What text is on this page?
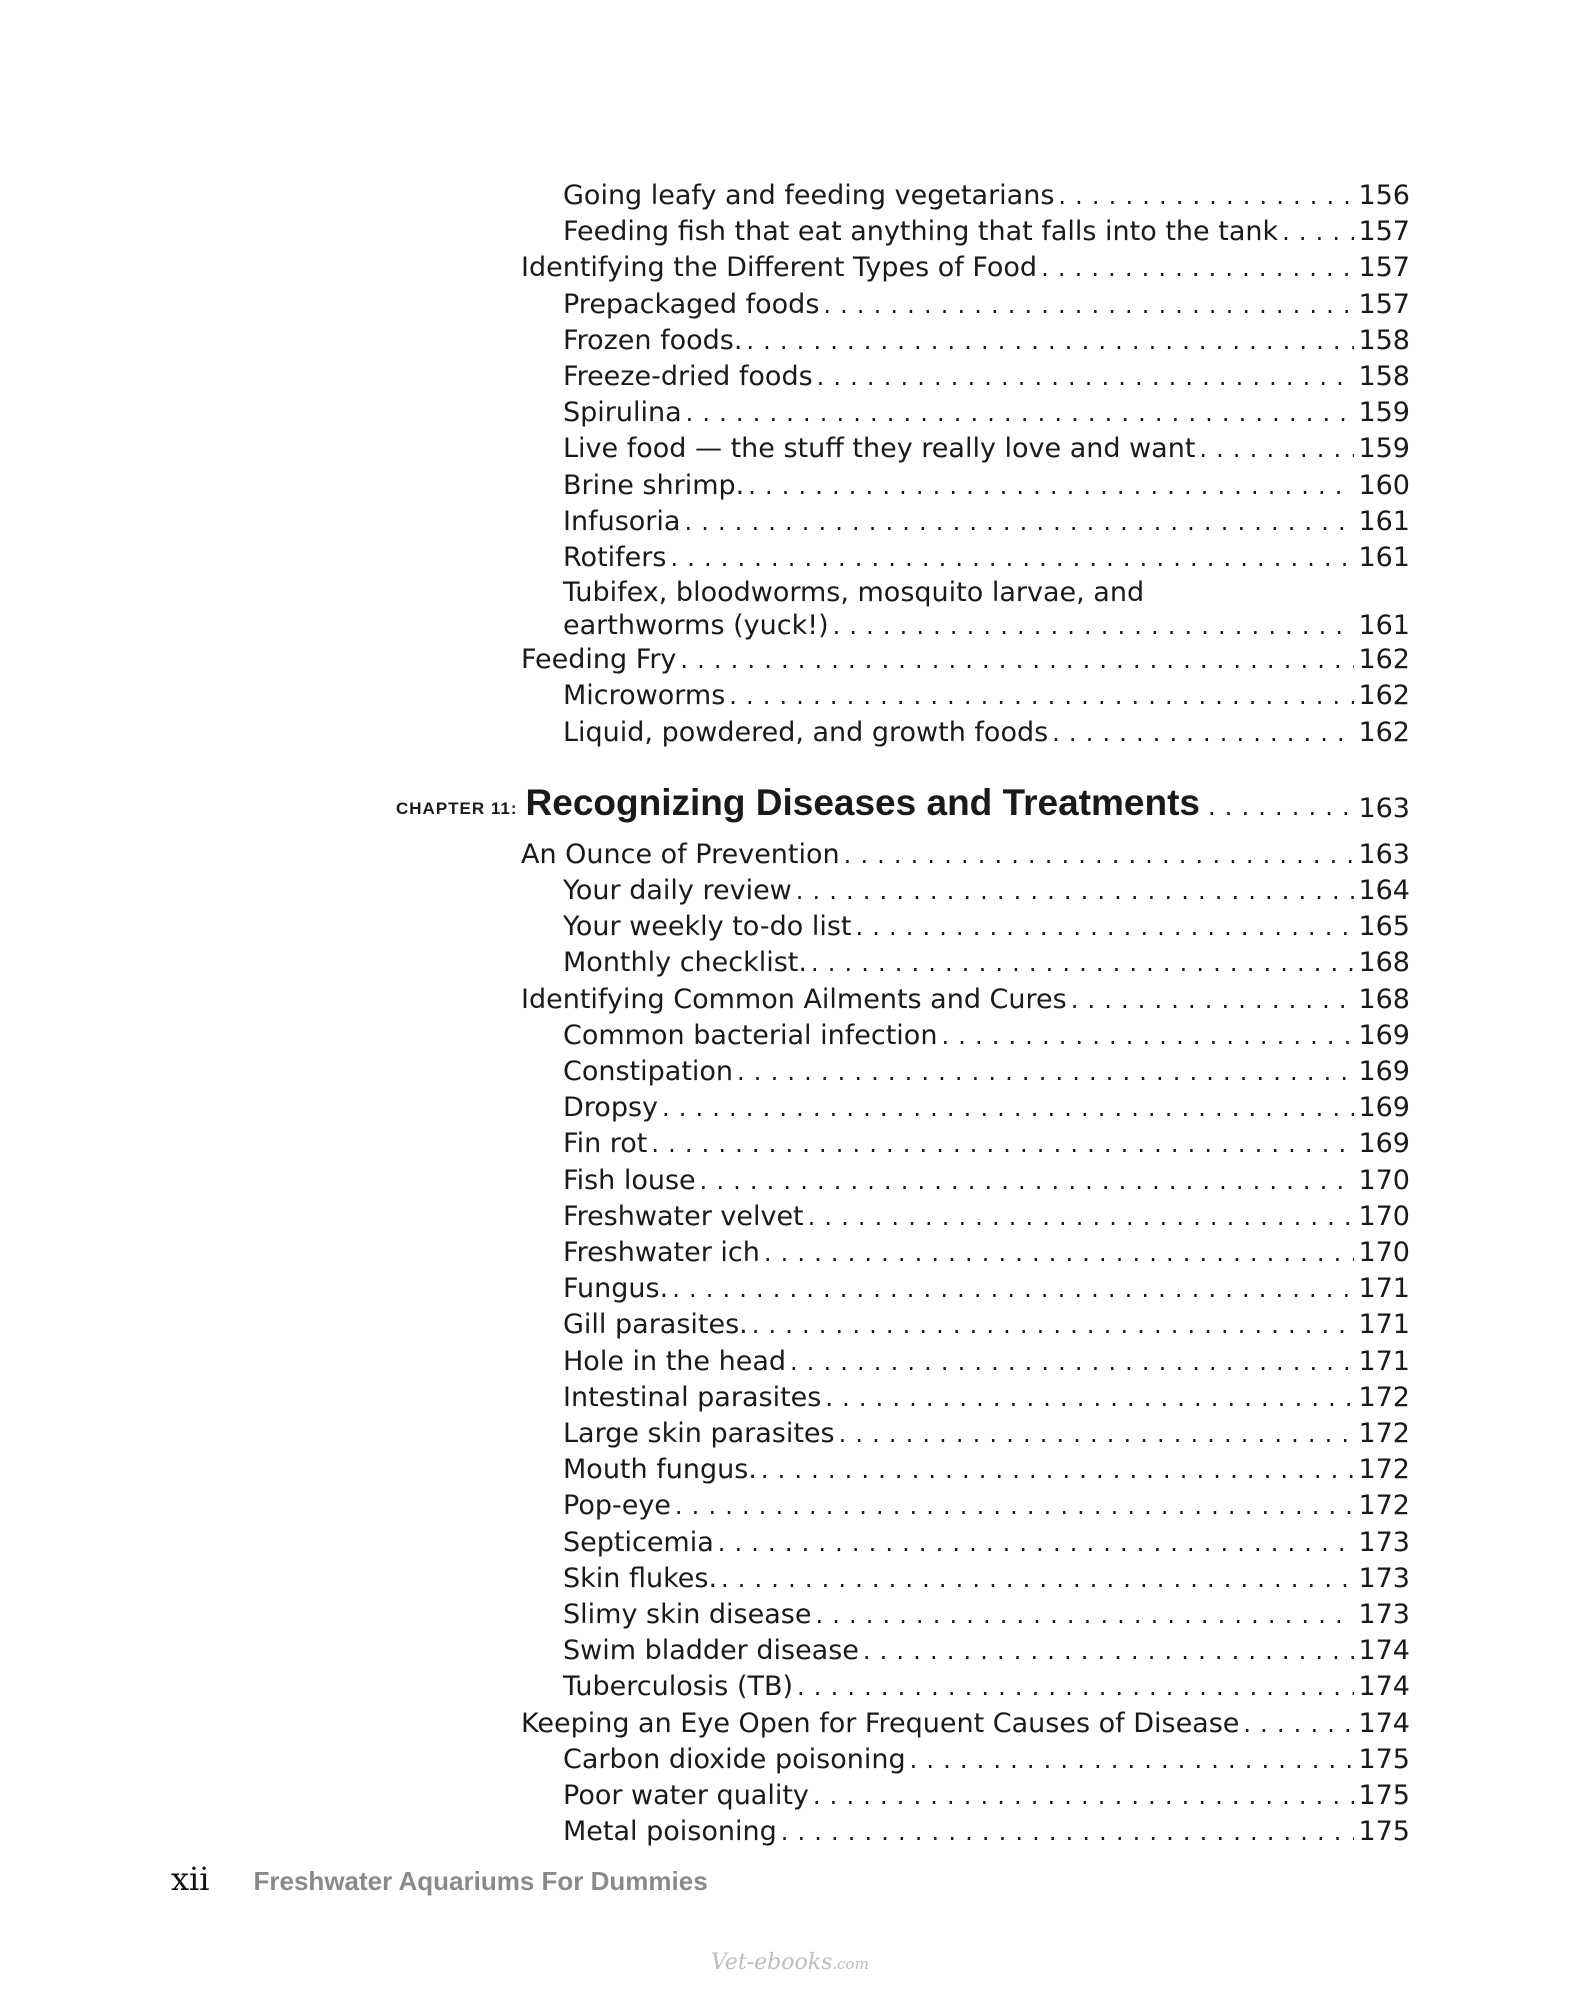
Going leafy and feeding vegetarians . . .	156
Feeding fish that eat anything that falls into the tank . . .	157
Identifying the Different Types of Food . . .	157
Prepackaged foods . . .	157
Frozen foods. . . .	158
Freeze-dried foods . . .	158
Spirulina . . .	159
Live food — the stuff they really love and want . . .	159
Brine shrimp. . . .	160
Infusoria . . .	161
Rotifers . . .	161
Tubifex, bloodworms, mosquito larvae, and
earthworms (yuck!) . . .	161
Feeding Fry . . .	162
Microworms . . .	162
Liquid, powdered, and growth foods . . .	162
CHAPTER 11: Recognizing Diseases and Treatments . . .	163
An Ounce of Prevention . . .	163
Your daily review . . .	164
Your weekly to-do list . . .	165
Monthly checklist. . . .	168
Identifying Common Ailments and Cures . . .	168
Common bacterial infection . . .	169
Constipation . . .	169
Dropsy . . .	169
Fin rot . . .	169
Fish louse . . .	170
Freshwater velvet . . .	170
Freshwater ich . . .	170
Fungus. . . .	171
Gill parasites. . . .	171
Hole in the head . . .	171
Intestinal parasites . . .	172
Large skin parasites . . .	172
Mouth fungus. . . .	172
Pop-eye . . .	172
Septicemia . . .	173
Skin flukes. . . .	173
Slimy skin disease . . .	173
Swim bladder disease . . .	174
Tuberculosis (TB) . . .	174
Keeping an Eye Open for Frequent Causes of Disease . . .	174
Carbon dioxide poisoning . . .	175
Poor water quality . . .	175
Metal poisoning . . .	175
xii Freshwater Aquariums For Dummies
Vet-ebooks.com
